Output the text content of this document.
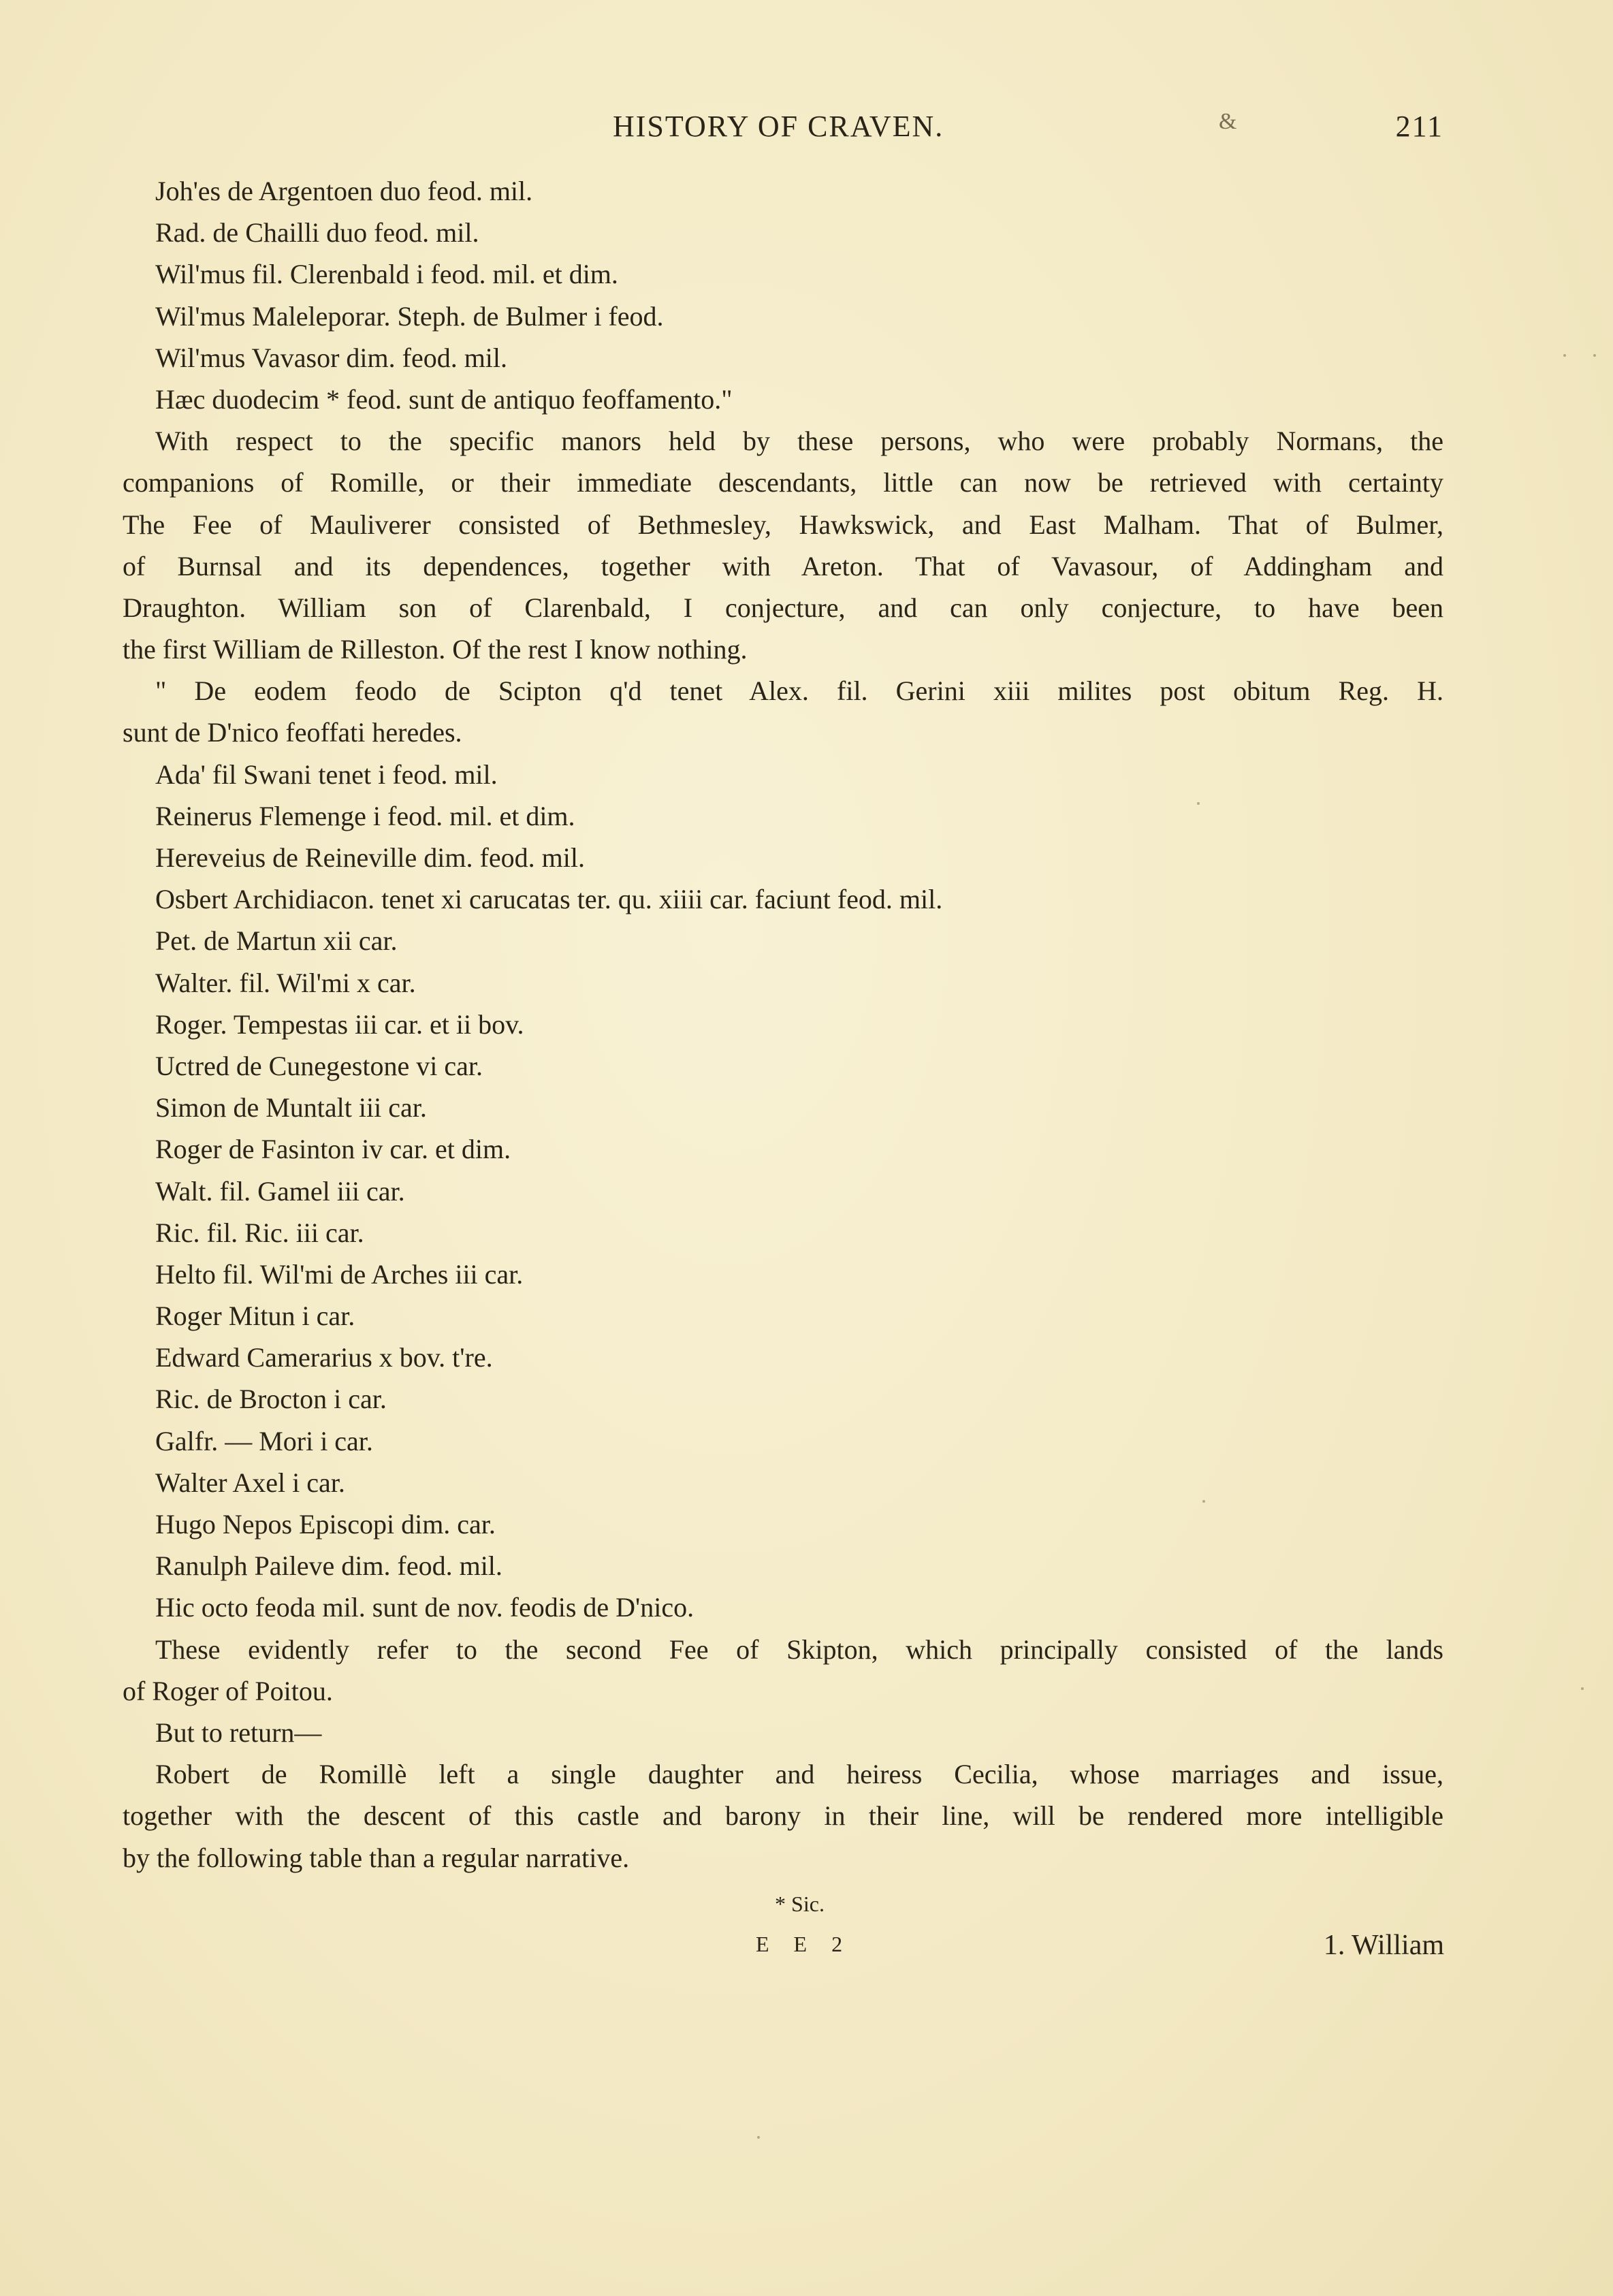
HISTORY OF CRAVEN.	&	211
Joh'es de Argentoen duo feod. mil.
Rad. de Chailli duo feod. mil.
Wil'mus fil. Clerenbald i feod. mil. et dim.
Wil'mus Maleleporar. Steph. de Bulmer i feod.
Wil'mus Vavasor dim. feod. mil.
Hæc duodecim * feod. sunt de antiquo feoffamento."
With respect to the specific manors held by these persons, who were probably Normans, the
companions of Romille, or their immediate descendants, little can now be retrieved with certainty
The Fee of Mauliverer consisted of Bethmesley, Hawkswick, and East Malham. That of Bulmer,
of Burnsal and its dependences, together with Areton. That of Vavasour, of Addingham and
Draughton. William son of Clarenbald, I conjecture, and can only conjecture, to have been
the first William de Rilleston. Of the rest I know nothing.
" De eodem feodo de Scipton q'd tenet Alex. fil. Gerini xiii milites post obitum Reg. H.
sunt de D'nico feoffati heredes.
Ada' fil Swani tenet i feod. mil.
Reinerus Flemenge i feod. mil. et dim.
Hereveius de Reineville dim. feod. mil.
Osbert Archidiacon. tenet xi carucatas ter. qu. xiiii car. faciunt feod. mil.
Pet. de Martun xii car.
Walter. fil. Wil'mi x car.
Roger. Tempestas iii car. et ii bov.
Uctred de Cunegestone vi car.
Simon de Muntalt iii car.
Roger de Fasinton iv car. et dim.
Walt. fil. Gamel iii car.
Ric. fil. Ric. iii car.
Helto fil. Wil'mi de Arches iii car.
Roger Mitun i car.
Edward Camerarius x bov. t're.
Ric. de Brocton i car.
Galfr. — Mori i car.
Walter Axel i car.
Hugo Nepos Episcopi dim. car.
Ranulph Paileve dim. feod. mil.
Hic octo feoda mil. sunt de nov. feodis de D'nico.
These evidently refer to the second Fee of Skipton, which principally consisted of the lands
of Roger of Poitou.
But to return—
Robert de Romillè left a single daughter and heiress Cecilia, whose marriages and issue,
together with the descent of this castle and barony in their line, will be rendered more intelligible
by the following table than a regular narrative.
* Sic.
E E 2	1. William
